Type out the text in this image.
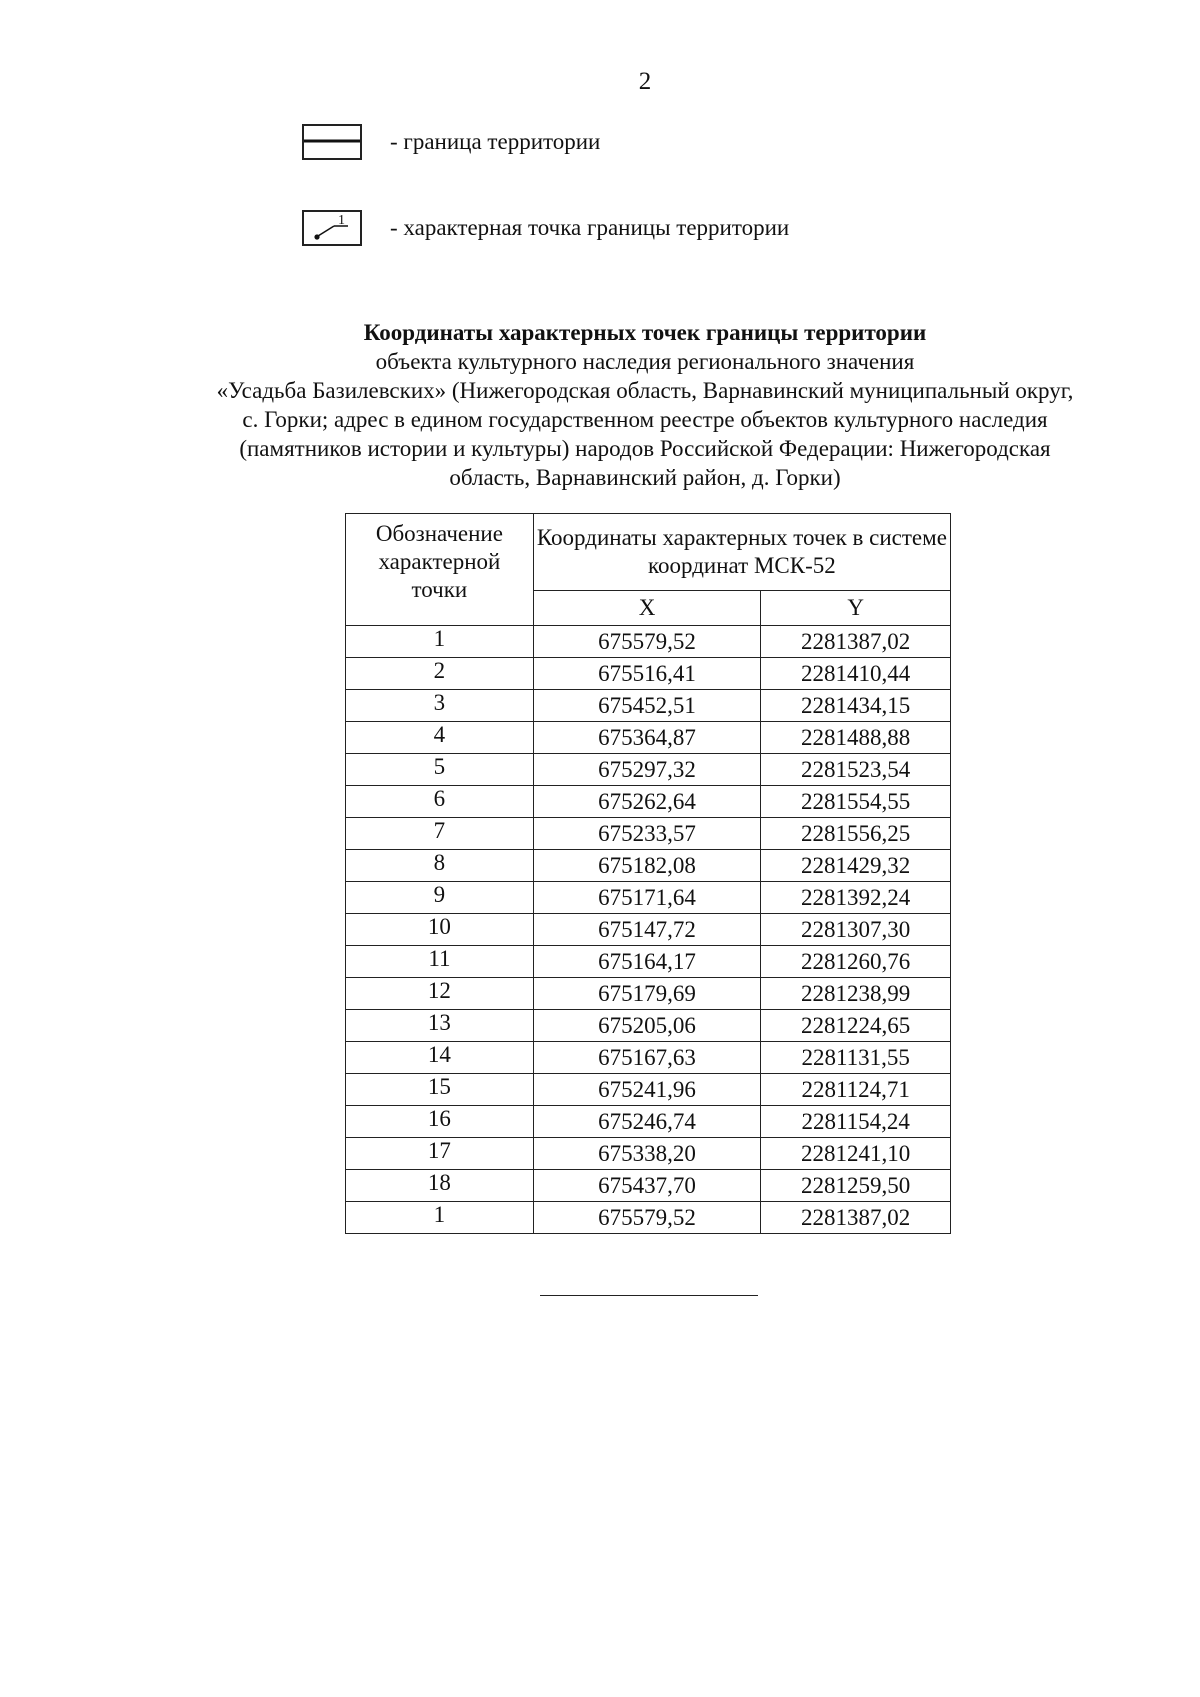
2
- граница территории
1 - характерная точка границы территории
Координаты характерных точек границы территории
объекта культурного наследия регионального значения
«Усадьба Базилевских» (Нижегородская область, Варнавинский муниципальный округ,
с. Горки; адрес в едином государственном реестре объектов культурного наследия
(памятников истории и культуры) народов Российской Федерации: Нижегородская
область, Варнавинский район, д. Горки)
Обозначение характерной точки	Координаты характерных точек в системе координат МСК-52	
	X	Y
1	675579,52	2281387,02
2	675516,41	2281410,44
3	675452,51	2281434,15
4	675364,87	2281488,88
5	675297,32	2281523,54
6	675262,64	2281554,55
7	675233,57	2281556,25
8	675182,08	2281429,32
9	675171,64	2281392,24
10	675147,72	2281307,30
11	675164,17	2281260,76
12	675179,69	2281238,99
13	675205,06	2281224,65
14	675167,63	2281131,55
15	675241,96	2281124,71
16	675246,74	2281154,24
17	675338,20	2281241,10
18	675437,70	2281259,50
1	675579,52	2281387,02
